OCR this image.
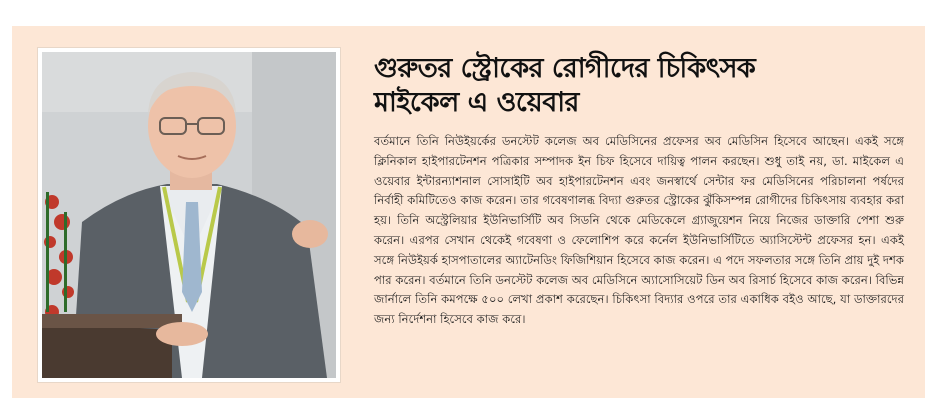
গুরুতর স্ট্রোকের রোগীদের চিকিৎসক
মাইকেল এ ওয়েবার

বর্তমানে তিনি নিউইয়র্কের ডনস্টেট কলেজ অব মেডিসিনের প্রফেসর অব মেডিসিন হিসেবে আছেন। একই সঙ্গে ক্লিনিকাল হাইপারটেনশন পত্রিকার সম্পাদক ইন চিফ হিসেবে দায়িত্ব পালন করছেন। শুধু তাই নয়, ডা. মাইকেল এ ওয়েবার ইন্টারন্যাশনাল সোসাইটি অব হাইপারটেনশন এবং জনস্বার্থে সেন্টার ফর মেডিসিনের পরিচালনা পর্ষদের নির্বাহী কমিটিতেও কাজ করেন। তার গবেষণালব্ধ বিদ্যা গুরুতর স্ট্রোকের ঝুঁকিসম্পন্ন রোগীদের চিকিৎসায় ব্যবহার করা হয়। তিনি অস্ট্রেলিয়ার ইউনিভার্সিটি অব সিডনি থেকে মেডিকেলে গ্র্যাজুয়েশন নিয়ে নিজের ডাক্তারি পেশা শুরু করেন। এরপর সেখান থেকেই গবেষণা ও ফেলোশিপ করে কর্নেল ইউনিভার্সিটিতে অ্যাসিস্টেন্ট প্রফেসর হন। একই সঙ্গে নিউইয়র্ক হাসপাতালের অ্যাটেনডিং ফিজিশিয়ান হিসেবে কাজ করেন। এ পদে সফলতার সঙ্গে তিনি প্রায় দুই দশক পার করেন। বর্তমানে তিনি ডনস্টেট কলেজ অব মেডিসিনে অ্যাসোসিয়েট ডিন অব রিসার্চ হিসেবে কাজ করেন। বিভিন্ন জার্নালে তিনি কমপক্ষে ৫০০ লেখা প্রকাশ করেছেন। চিকিৎসা বিদ্যার ওপরে তার একাধিক বইও আছে, যা ডাক্তারদের জন্য নির্দেশনা হিসেবে কাজ করে।
